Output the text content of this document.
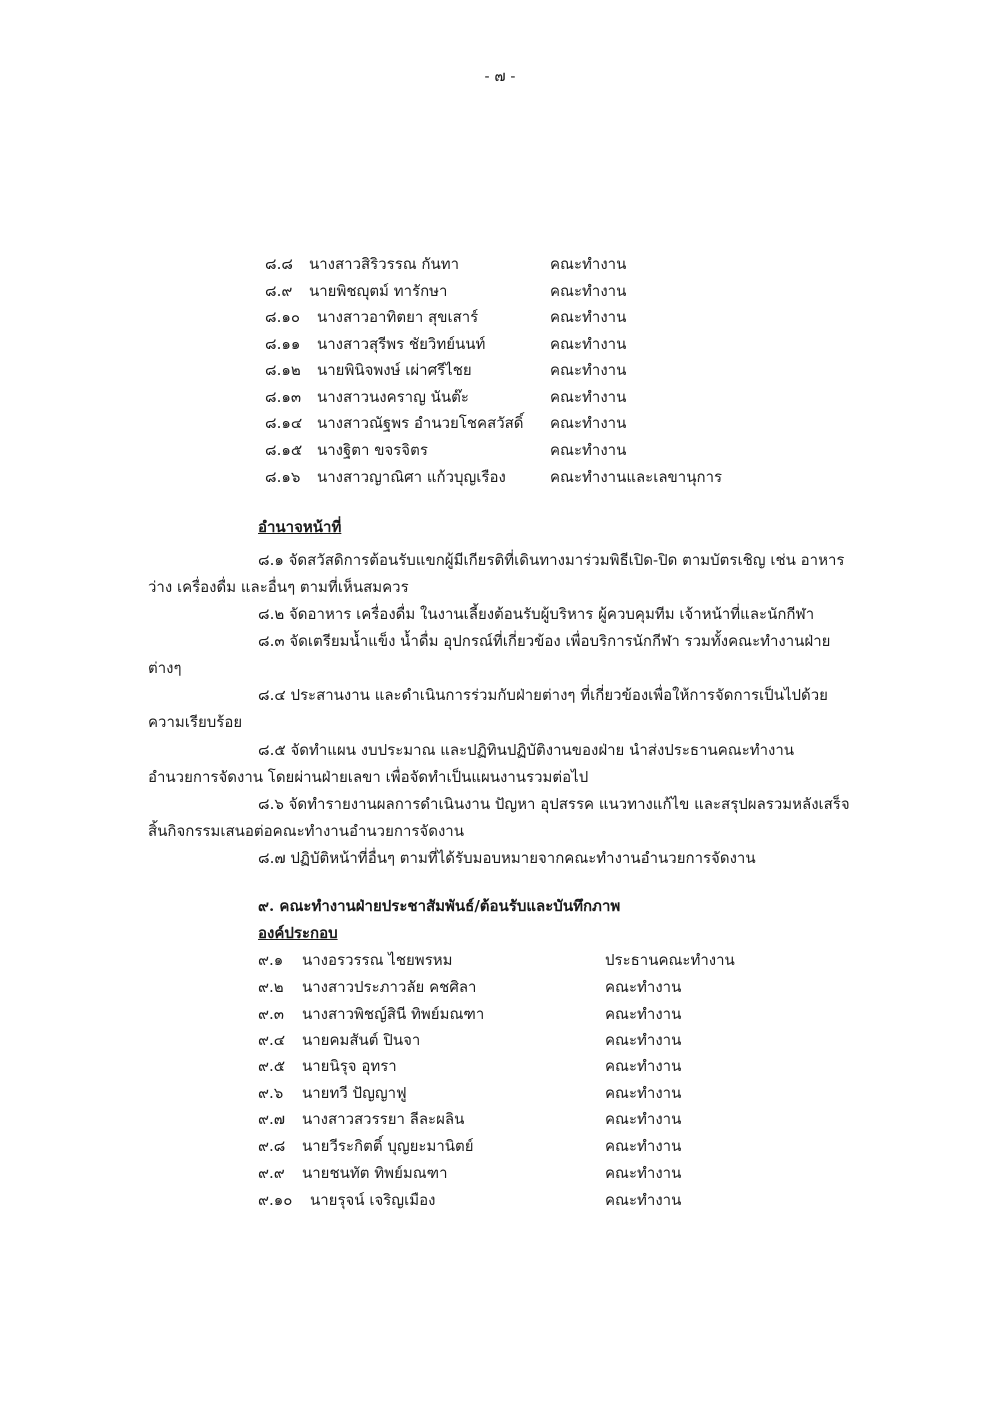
- ๗ -
๘.๘ นางสาวสิริวรรณ กันทา	คณะทำงาน
๘.๙ นายพิชญุตม์ ทารักษา	คณะทำงาน
๘.๑๐ นางสาวอาทิตยา สุขเสาร์	คณะทำงาน
๘.๑๑ นางสาวสุรีพร ชัยวิทย์นนท์	คณะทำงาน
๘.๑๒ นายพินิจพงษ์ เผ่าศรีไชย	คณะทำงาน
๘.๑๓ นางสาวนงคราญ นันต๊ะ	คณะทำงาน
๘.๑๔ นางสาวณัฐพร อำนวยโชคสวัสดิ์ คณะทำงาน
๘.๑๕ นางฐิตา ขจรจิตร	คณะทำงาน
๘.๑๖ นางสาวญาณิศา แก้วบุญเรือง	คณะทำงานและเลขานุการ
อำนาจหน้าที่
๘.๑ จัดสวัสดิการต้อนรับแขกผู้มีเกียรติที่เดินทางมาร่วมพิธีเปิด-ปิด ตามบัตรเชิญ เช่น อาหาร
ว่าง เครื่องดื่ม และอื่นๆ ตามที่เห็นสมควร
๘.๒ จัดอาหาร เครื่องดื่ม ในงานเลี้ยงต้อนรับผู้บริหาร ผู้ควบคุมทีม เจ้าหน้าที่และนักกีฬา
๘.๓ จัดเตรียมน้ำแข็ง น้ำดื่ม อุปกรณ์ที่เกี่ยวข้อง เพื่อบริการนักกีฬา รวมทั้งคณะทำงานฝ่าย
ต่างๆ
๘.๔ ประสานงาน และดำเนินการร่วมกับฝ่ายต่างๆ ที่เกี่ยวข้องเพื่อให้การจัดการเป็นไปด้วย
ความเรียบร้อย
๘.๕ จัดทำแผน งบประมาณ และปฏิทินปฏิบัติงานของฝ่าย นำส่งประธานคณะทำงาน
อำนวยการจัดงาน โดยผ่านฝ่ายเลขา เพื่อจัดทำเป็นแผนงานรวมต่อไป
๘.๖ จัดทำรายงานผลการดำเนินงาน ปัญหา อุปสรรค แนวทางแก้ไข และสรุปผลรวมหลังเสร็จ
สิ้นกิจกรรมเสนอต่อคณะทำงานอำนวยการจัดงาน
๘.๗ ปฏิบัติหน้าที่อื่นๆ ตามที่ได้รับมอบหมายจากคณะทำงานอำนวยการจัดงาน
๙. คณะทำงานฝ่ายประชาสัมพันธ์/ต้อนรับและบันทึกภาพ
องค์ประกอบ
๙.๑ นางอรวรรณ ไชยพรหม	ประธานคณะทำงาน
๙.๒ นางสาวประภาวลัย คชศิลา	คณะทำงาน
๙.๓ นางสาวพิชญ์สินี ทิพย์มณฑา	คณะทำงาน
๙.๔ นายคมสันต์ ปินจา	คณะทำงาน
๙.๕ นายนิรุจ อุทรา	คณะทำงาน
๙.๖ นายทวี ปัญญาฟู	คณะทำงาน
๙.๗ นางสาวสวรรยา ลีละผลิน	คณะทำงาน
๙.๘ นายวีระกิตติ์ บุญยะมานิตย์	คณะทำงาน
๙.๙ นายชนทัต ทิพย์มณฑา	คณะทำงาน
๙.๑๐ นายรุจน์ เจริญเมือง	คณะทำงาน
